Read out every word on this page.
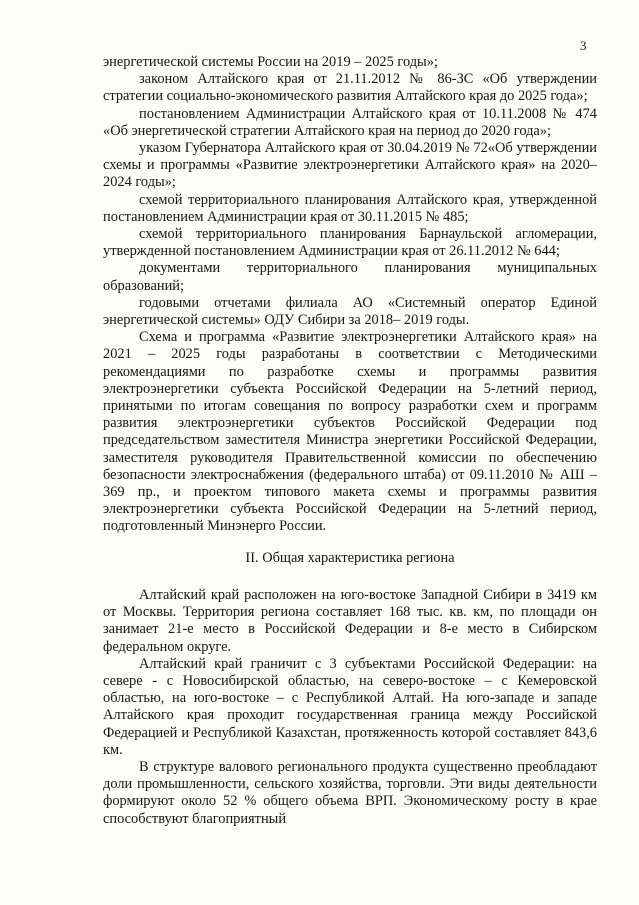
3

энергетической системы России на 2019 – 2025 годы»;

законом Алтайского края от 21.11.2012 № 86-ЗС «Об утверждении стратегии социально-экономического развития Алтайского края до 2025 года»;

постановлением Администрации Алтайского края от 10.11.2008 № 474 «Об энергетической стратегии Алтайского края на период до 2020 года»;

указом Губернатора Алтайского края от 30.04.2019 № 72«Об утверждении схемы и программы «Развитие электроэнергетики Алтайского края» на 2020– 2024 годы»;

схемой территориального планирования Алтайского края, утвержденной постановлением Администрации края от 30.11.2015 № 485;

схемой территориального планирования Барнаульской агломерации, утвержденной постановлением Администрации края от 26.11.2012 № 644;

документами территориального планирования муниципальных образований;

годовыми отчетами филиала АО «Системный оператор Единой энергетической системы» ОДУ Сибири за 2018– 2019 годы.

Схема и программа «Развитие электроэнергетики Алтайского края» на 2021 – 2025 годы разработаны в соответствии с Методическими рекомендациями по разработке схемы и программы развития электроэнергетики субъекта Российской Федерации на 5-летний период, принятыми по итогам совещания по вопросу разработки схем и программ развития электроэнергетики субъектов Российской Федерации под председательством заместителя Министра энергетики Российской Федерации, заместителя руководителя Правительственной комиссии по обеспечению безопасности электроснабжения (федерального штаба) от 09.11.2010 № АШ – 369 пр., и проектом типового макета схемы и программы развития электроэнергетики субъекта Российской Федерации на 5-летний период, подготовленный Минэнерго России.

II. Общая характеристика региона

Алтайский край расположен на юго-востоке Западной Сибири в 3419 км от Москвы. Территория региона составляет 168 тыс. кв. км, по площади он занимает 21-е место в Российской Федерации и 8-е место в Сибирском федеральном округе.

Алтайский край граничит с 3 субъектами Российской Федерации: на севере - с Новосибирской областью, на северо-востоке – с Кемеровской областью, на юго-востоке – с Республикой Алтай. На юго-западе и западе Алтайского края проходит государственная граница между Российской Федерацией и Республикой Казахстан, протяженность которой составляет 843,6 км.

В структуре валового регионального продукта существенно преобладают доли промышленности, сельского хозяйства, торговли. Эти виды деятельности формируют около 52 % общего объема ВРП. Экономическому росту в крае способствуют благоприятный
